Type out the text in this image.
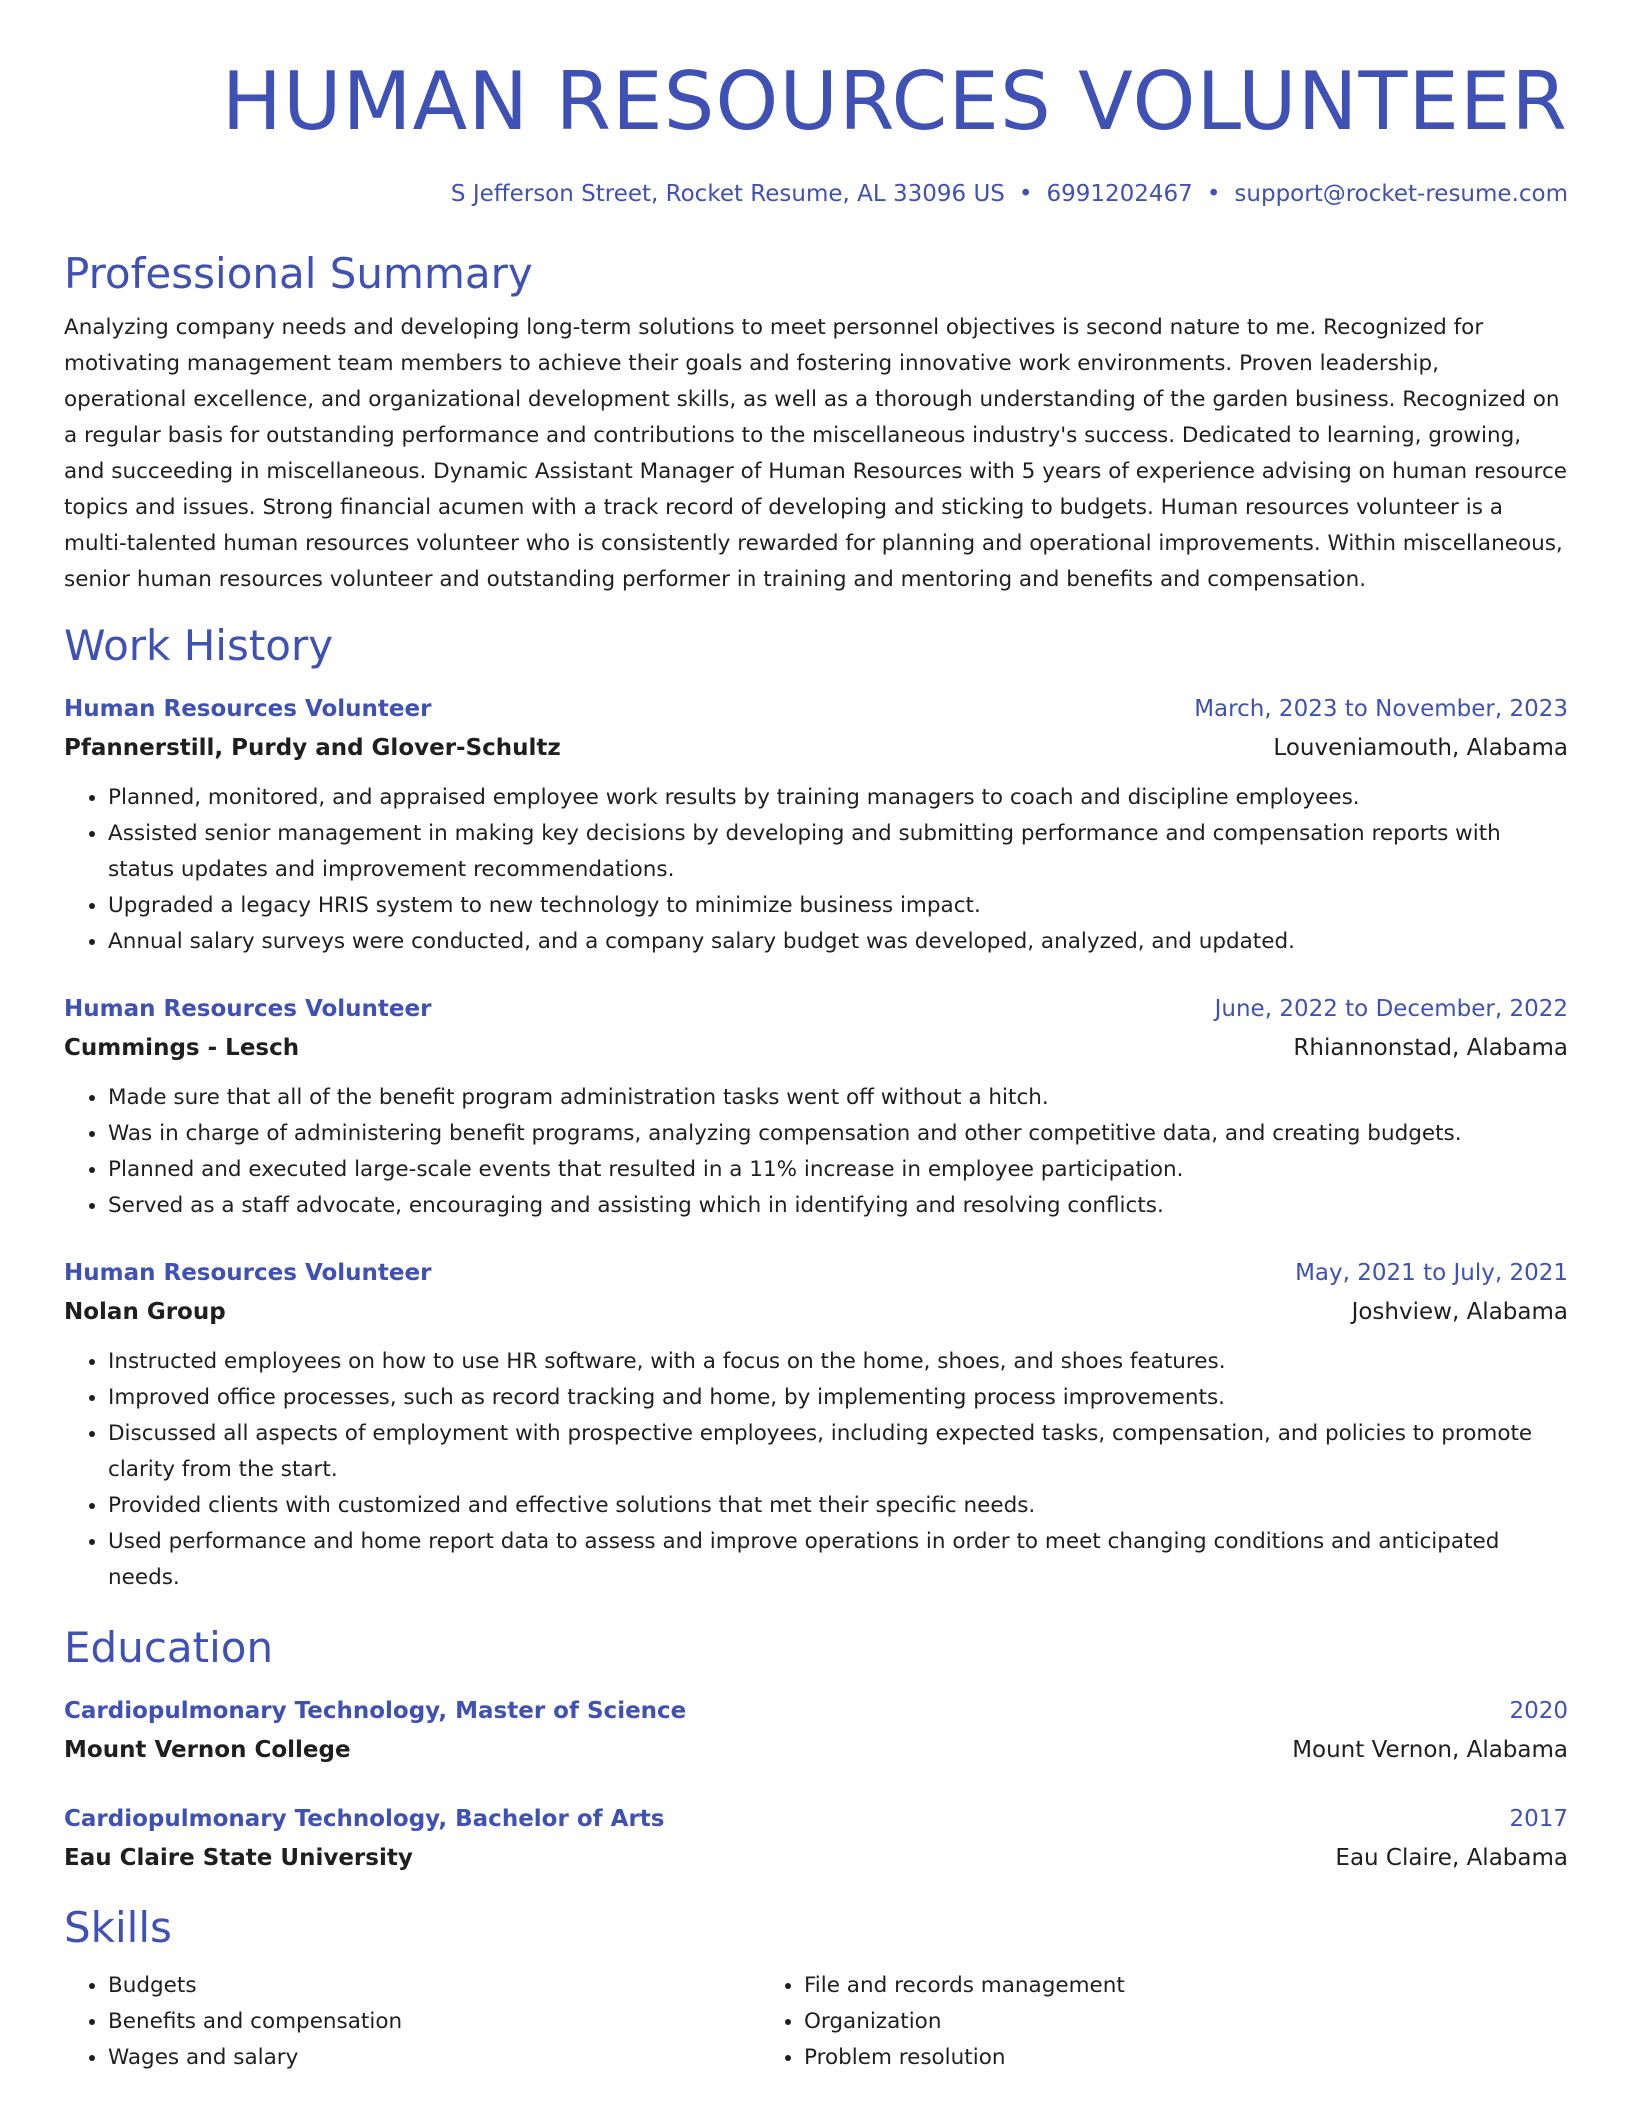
HUMAN RESOURCES VOLUNTEER
S Jefferson Street, Rocket Resume, AL 33096 US • 6991202467 • support@rocket-resume.com
Professional Summary
Analyzing company needs and developing long-term solutions to meet personnel objectives is second nature to me. Recognized for motivating management team members to achieve their goals and fostering innovative work environments. Proven leadership, operational excellence, and organizational development skills, as well as a thorough understanding of the garden business. Recognized on a regular basis for outstanding performance and contributions to the miscellaneous industry's success. Dedicated to learning, growing, and succeeding in miscellaneous. Dynamic Assistant Manager of Human Resources with 5 years of experience advising on human resource topics and issues. Strong financial acumen with a track record of developing and sticking to budgets. Human resources volunteer is a multi-talented human resources volunteer who is consistently rewarded for planning and operational improvements. Within miscellaneous, senior human resources volunteer and outstanding performer in training and mentoring and benefits and compensation.
Work History
Human Resources Volunteer	March, 2023 to November, 2023
Pfannerstill, Purdy and Glover-Schultz	Louveniamouth, Alabama
• Planned, monitored, and appraised employee work results by training managers to coach and discipline employees.
• Assisted senior management in making key decisions by developing and submitting performance and compensation reports with status updates and improvement recommendations.
• Upgraded a legacy HRIS system to new technology to minimize business impact.
• Annual salary surveys were conducted, and a company salary budget was developed, analyzed, and updated.
Human Resources Volunteer	June, 2022 to December, 2022
Cummings - Lesch	Rhiannonstad, Alabama
• Made sure that all of the benefit program administration tasks went off without a hitch.
• Was in charge of administering benefit programs, analyzing compensation and other competitive data, and creating budgets.
• Planned and executed large-scale events that resulted in a 11% increase in employee participation.
• Served as a staff advocate, encouraging and assisting which in identifying and resolving conflicts.
Human Resources Volunteer	May, 2021 to July, 2021
Nolan Group	Joshview, Alabama
• Instructed employees on how to use HR software, with a focus on the home, shoes, and shoes features.
• Improved office processes, such as record tracking and home, by implementing process improvements.
• Discussed all aspects of employment with prospective employees, including expected tasks, compensation, and policies to promote clarity from the start.
• Provided clients with customized and effective solutions that met their specific needs.
• Used performance and home report data to assess and improve operations in order to meet changing conditions and anticipated needs.
Education
Cardiopulmonary Technology, Master of Science	2020
Mount Vernon College	Mount Vernon, Alabama
Cardiopulmonary Technology, Bachelor of Arts	2017
Eau Claire State University	Eau Claire, Alabama
Skills
• Budgets
• Benefits and compensation
• Wages and salary
• File and records management
• Organization
• Problem resolution
